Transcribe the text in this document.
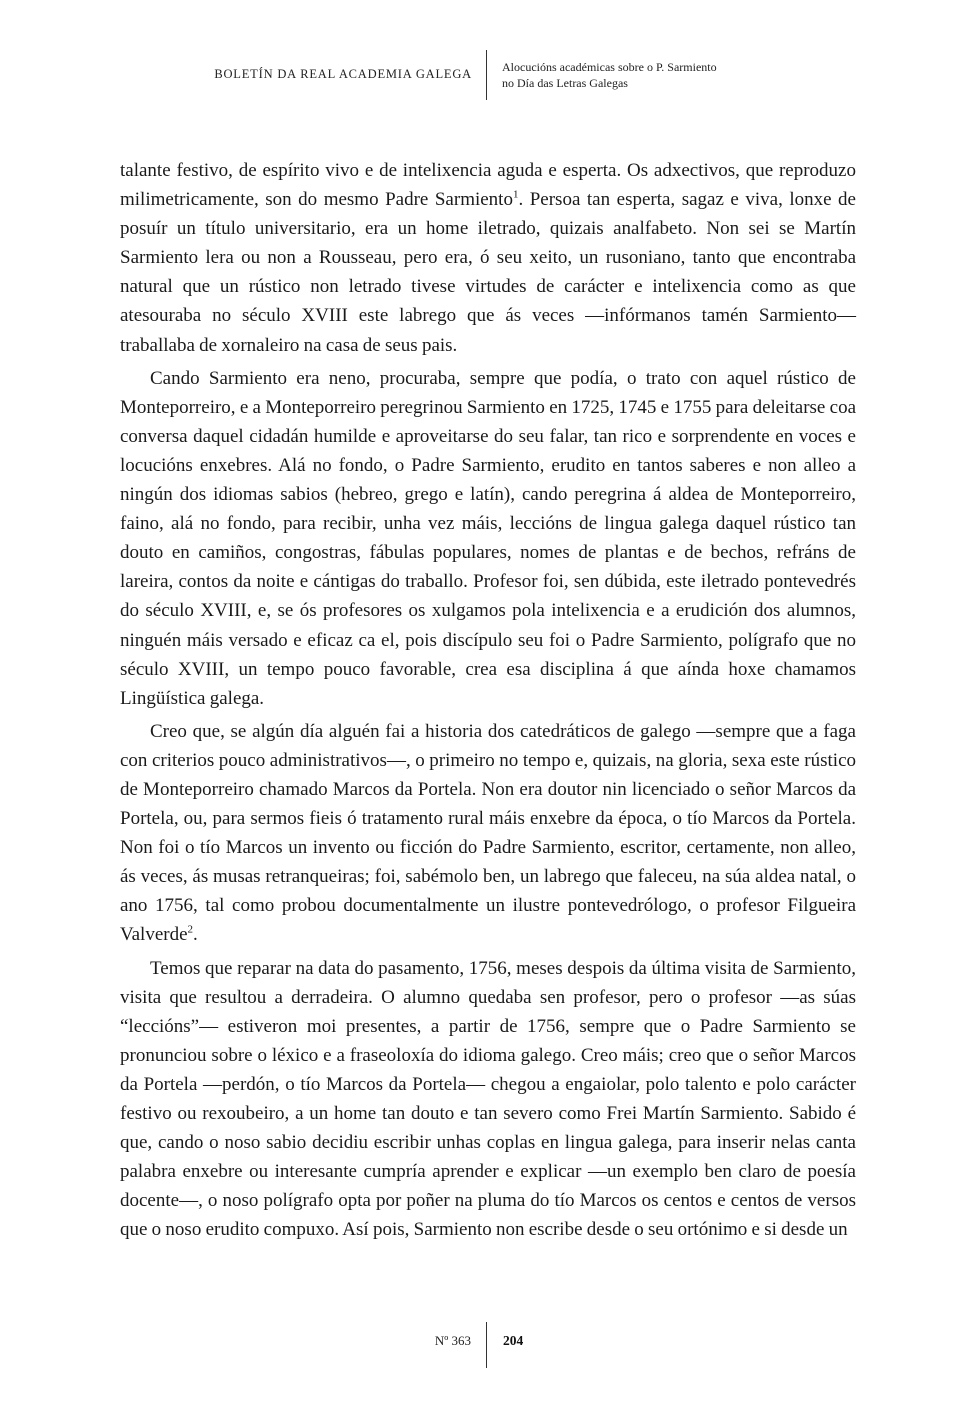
BOLETÍN DA REAL ACADEMIA GALEGA	Alocucións académicas sobre o P. Sarmiento
no Día das Letras Galegas

talante festivo, de espírito vivo e de intelixencia aguda e esperta. Os adxectivos, que reproduzo milimetricamente, son do mesmo Padre Sarmiento$^1$. Persoa tan esperta, sagaz e viva, lonxe de posuír un título universitario, era un home iletrado, quizais analfabeto. Non sei se Martín Sarmiento lera ou non a Rousseau, pero era, ó seu xeito, un rusoniano, tanto que encontraba natural que un rústico non letrado tivese virtudes de carácter e intelixencia como as que atesouraba no século XVIII este labrego que ás veces —infórmanos tamén Sarmiento— traballaba de xornaleiro na casa de seus pais.

Cando Sarmiento era neno, procuraba, sempre que podía, o trato con aquel rústico de Monteporreiro, e a Monteporreiro peregrinou Sarmiento en 1725, 1745 e 1755 para deleitarse coa conversa daquel cidadán humilde e aproveitarse do seu falar, tan rico e sorprendente en voces e locucións enxebres. Alá no fondo, o Padre Sarmiento, erudito en tantos saberes e non alleo a ningún dos idiomas sabios (hebreo, grego e latín), cando peregrina á aldea de Monteporreiro, faino, alá no fondo, para recibir, unha vez máis, leccións de lingua galega daquel rústico tan douto en camiños, congostras, fábulas populares, nomes de plantas e de bechos, refráns de lareira, contos da noite e cántigas do traballo. Profesor foi, sen dúbida, este iletrado pontevedrés do século XVIII, e, se ós profesores os xulgamos pola intelixencia e a erudición dos alumnos, ninguén máis versado e eficaz ca el, pois discípulo seu foi o Padre Sarmiento, polígrafo que no século XVIII, un tempo pouco favorable, crea esa disciplina á que aínda hoxe chamamos Lingüística galega.

Creo que, se algún día alguén fai a historia dos catedráticos de galego —sempre que a faga con criterios pouco administrativos—, o primeiro no tempo e, quizais, na gloria, sexa este rústico de Monteporreiro chamado Marcos da Portela. Non era doutor nin licenciado o señor Marcos da Portela, ou, para sermos fieis ó tratamento rural máis enxebre da época, o tío Marcos da Portela. Non foi o tío Marcos un invento ou ficción do Padre Sarmiento, escritor, certamente, non alleo, ás veces, ás musas retranqueiras; foi, sabémolo ben, un labrego que faleceu, na súa aldea natal, o ano 1756, tal como probou documentalmente un ilustre pontevedrólogo, o profesor Filgueira Valverde$^2$.

Temos que reparar na data do pasamento, 1756, meses despois da última visita de Sarmiento, visita que resultou a derradeira. O alumno quedaba sen profesor, pero o profesor —as súas “leccións”— estiveron moi presentes, a partir de 1756, sempre que o Padre Sarmiento se pronunciou sobre o léxico e a fraseoloxía do idioma galego. Creo máis; creo que o señor Marcos da Portela —perdón, o tío Marcos da Portela— chegou a engaiolar, polo talento e polo carácter festivo ou rexoubeiro, a un home tan douto e tan severo como Frei Martín Sarmiento. Sabido é que, cando o noso sabio decidiu escribir unhas coplas en lingua galega, para inserir nelas canta palabra enxebre ou interesante cumpría aprender e explicar —un exemplo ben claro de poesía docente—, o noso polígrafo opta por poñer na pluma do tío Marcos os centos e centos de versos que o noso erudito compuxo. Así pois, Sarmiento non escribe desde o seu ortónimo e si desde un

Nº 363 204
